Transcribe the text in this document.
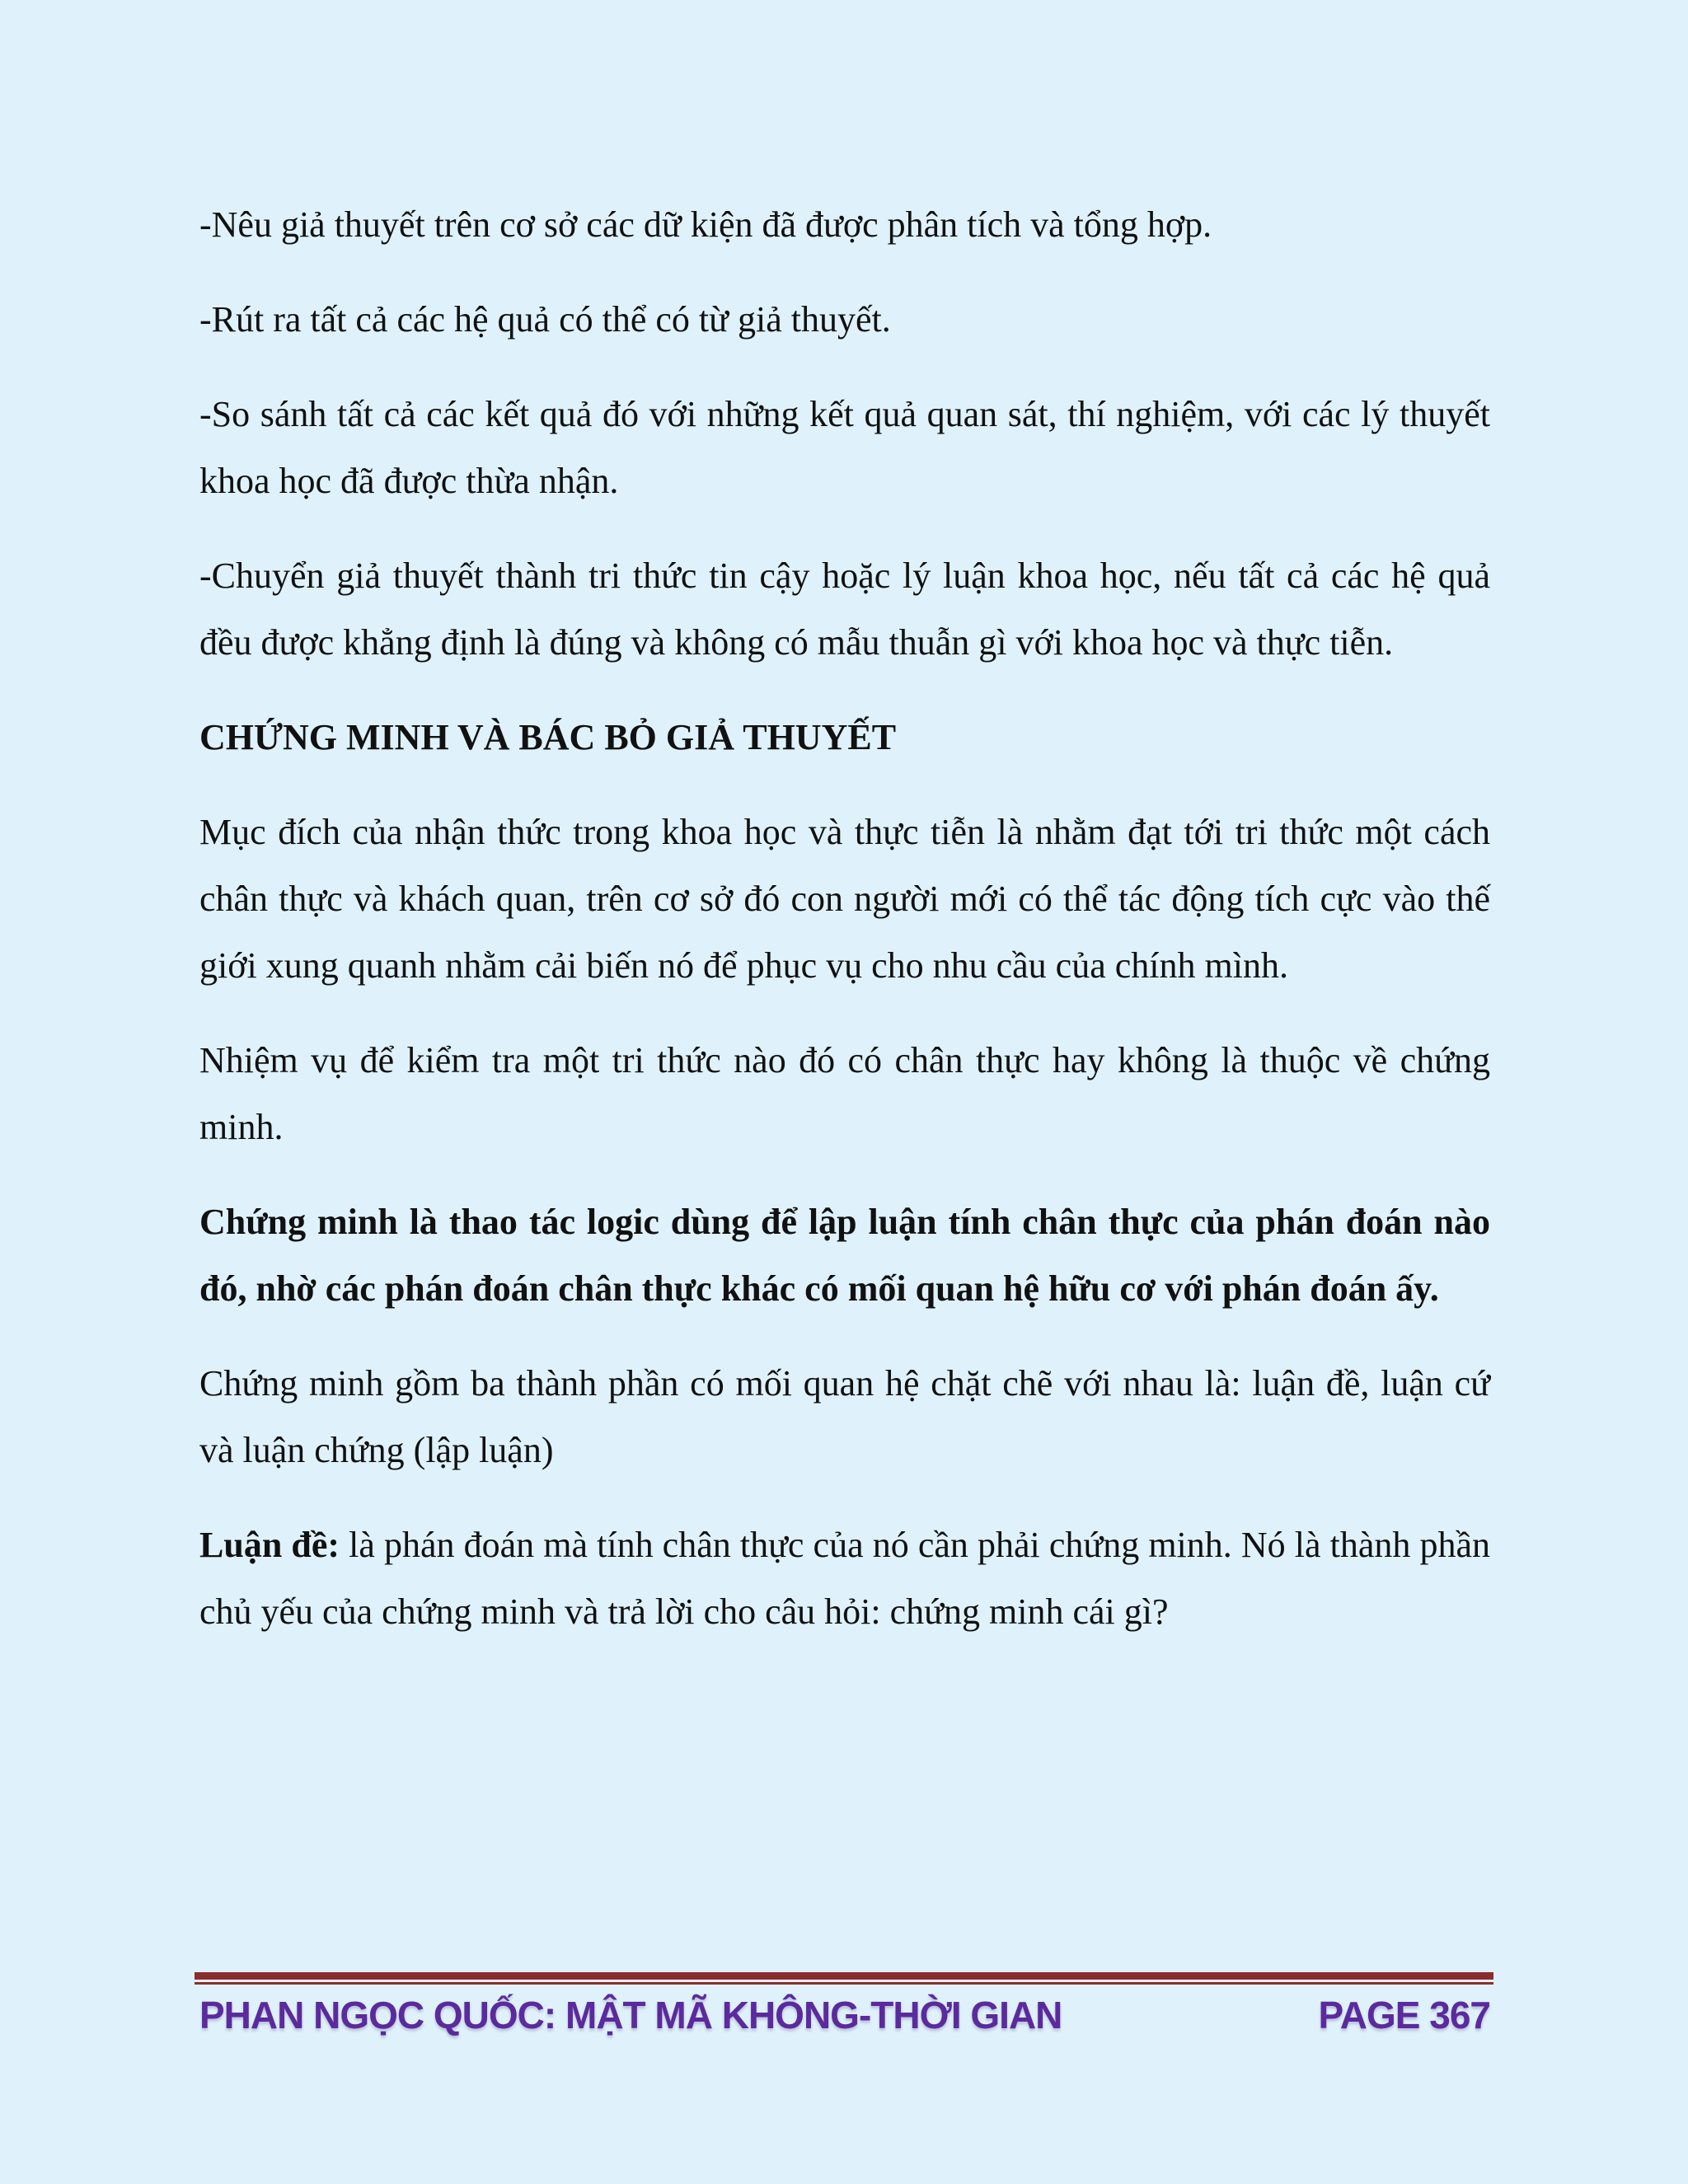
-Nêu giả thuyết trên cơ sở các dữ kiện đã được phân tích và tổng hợp.

-Rút ra tất cả các hệ quả có thể có từ giả thuyết.

-So sánh tất cả các kết quả đó với những kết quả quan sát, thí nghiệm, với các lý thuyết khoa học đã được thừa nhận.

-Chuyển giả thuyết thành tri thức tin cậy hoặc lý luận khoa học, nếu tất cả các hệ quả đều được khẳng định là đúng và không có mẫu thuẫn gì với khoa học và thực tiễn.

CHỨNG MINH VÀ BÁC BỎ GIẢ THUYẾT

Mục đích của nhận thức trong khoa học và thực tiễn là nhằm đạt tới tri thức một cách chân thực và khách quan, trên cơ sở đó con người mới có thể tác động tích cực vào thế giới xung quanh nhằm cải biến nó để phục vụ cho nhu cầu của chính mình.

Nhiệm vụ để kiểm tra một tri thức nào đó có chân thực hay không là thuộc về chứng minh.

Chứng minh là thao tác logic dùng để lập luận tính chân thực của phán đoán nào đó, nhờ các phán đoán chân thực khác có mối quan hệ hữu cơ với phán đoán ấy.

Chứng minh gồm ba thành phần có mối quan hệ chặt chẽ với nhau là: luận đề, luận cứ và luận chứng (lập luận)

Luận đề: là phán đoán mà tính chân thực của nó cần phải chứng minh. Nó là thành phần chủ yếu của chứng minh và trả lời cho câu hỏi: chứng minh cái gì?

PHAN NGỌC QUỐC: MẬT MÃ KHÔNG-THỜI GIAN	PAGE 367
